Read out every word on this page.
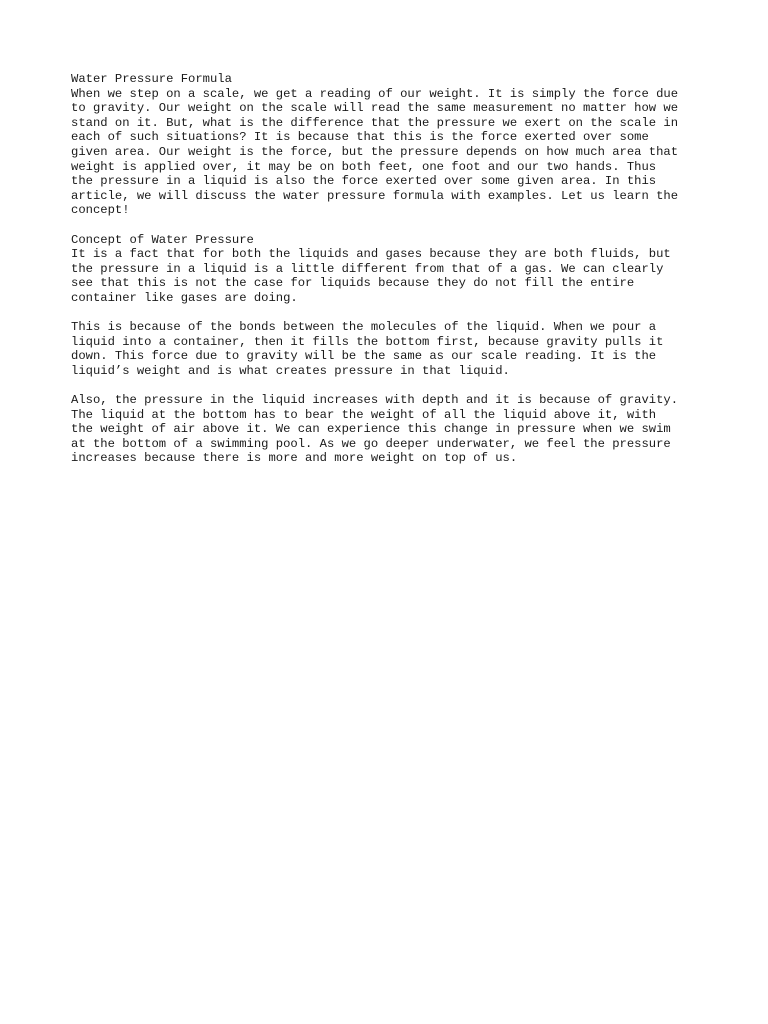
Water Pressure Formula
When we step on a scale, we get a reading of our weight. It is simply the force due
to gravity. Our weight on the scale will read the same measurement no matter how we
stand on it. But, what is the difference that the pressure we exert on the scale in
each of such situations? It is because that this is the force exerted over some
given area. Our weight is the force, but the pressure depends on how much area that
weight is applied over, it may be on both feet, one foot and our two hands. Thus
the pressure in a liquid is also the force exerted over some given area. In this
article, we will discuss the water pressure formula with examples. Let us learn the
concept!
Concept of Water Pressure
It is a fact that for both the liquids and gases because they are both fluids, but
the pressure in a liquid is a little different from that of a gas. We can clearly
see that this is not the case for liquids because they do not fill the entire
container like gases are doing.
This is because of the bonds between the molecules of the liquid. When we pour a
liquid into a container, then it fills the bottom first, because gravity pulls it
down. This force due to gravity will be the same as our scale reading. It is the
liquid’s weight and is what creates pressure in that liquid.
Also, the pressure in the liquid increases with depth and it is because of gravity.
The liquid at the bottom has to bear the weight of all the liquid above it, with
the weight of air above it. We can experience this change in pressure when we swim
at the bottom of a swimming pool. As we go deeper underwater, we feel the pressure
increases because there is more and more weight on top of us.
